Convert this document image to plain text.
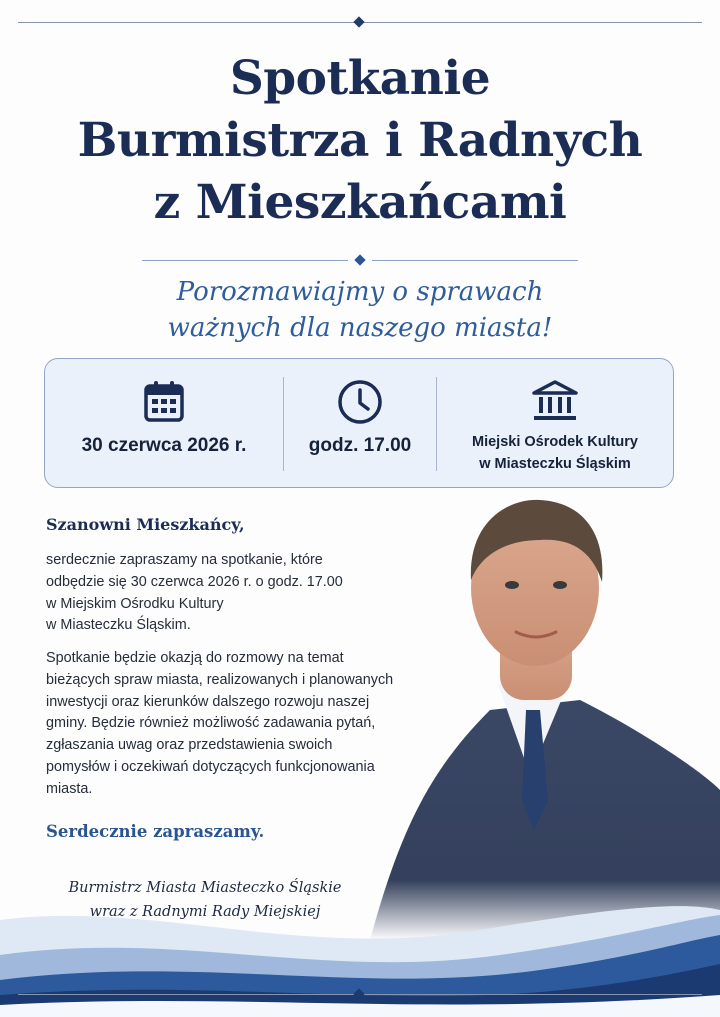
Spotkanie
Burmistrza i Radnych
z Mieszkańcami
Porozmawiajmy o sprawach
ważnych dla naszego miasta!
30 czerwca 2026 r.	godz. 17.00	Miejski Ośrodek Kultury
w Miasteczku Śląskim
Szanowni Mieszkańcy,
serdecznie zapraszamy na spotkanie, które
odbędzie się 30 czerwca 2026 r. o godz. 17.00
w Miejskim Ośrodku Kultury
w Miasteczku Śląskim.
Spotkanie będzie okazją do rozmowy na temat
bieżących spraw miasta, realizowanych i planowanych
inwestycji oraz kierunków dalszego rozwoju naszej
gminy. Będzie również możliwość zadawania pytań,
zgłaszania uwag oraz przedstawienia swoich
pomysłów i oczekiwań dotyczących funkcjonowania
miasta.
Serdecznie zapraszamy.
Burmistrz Miasta Miasteczko Śląskie
wraz z Radnymi Rady Miejskiej
